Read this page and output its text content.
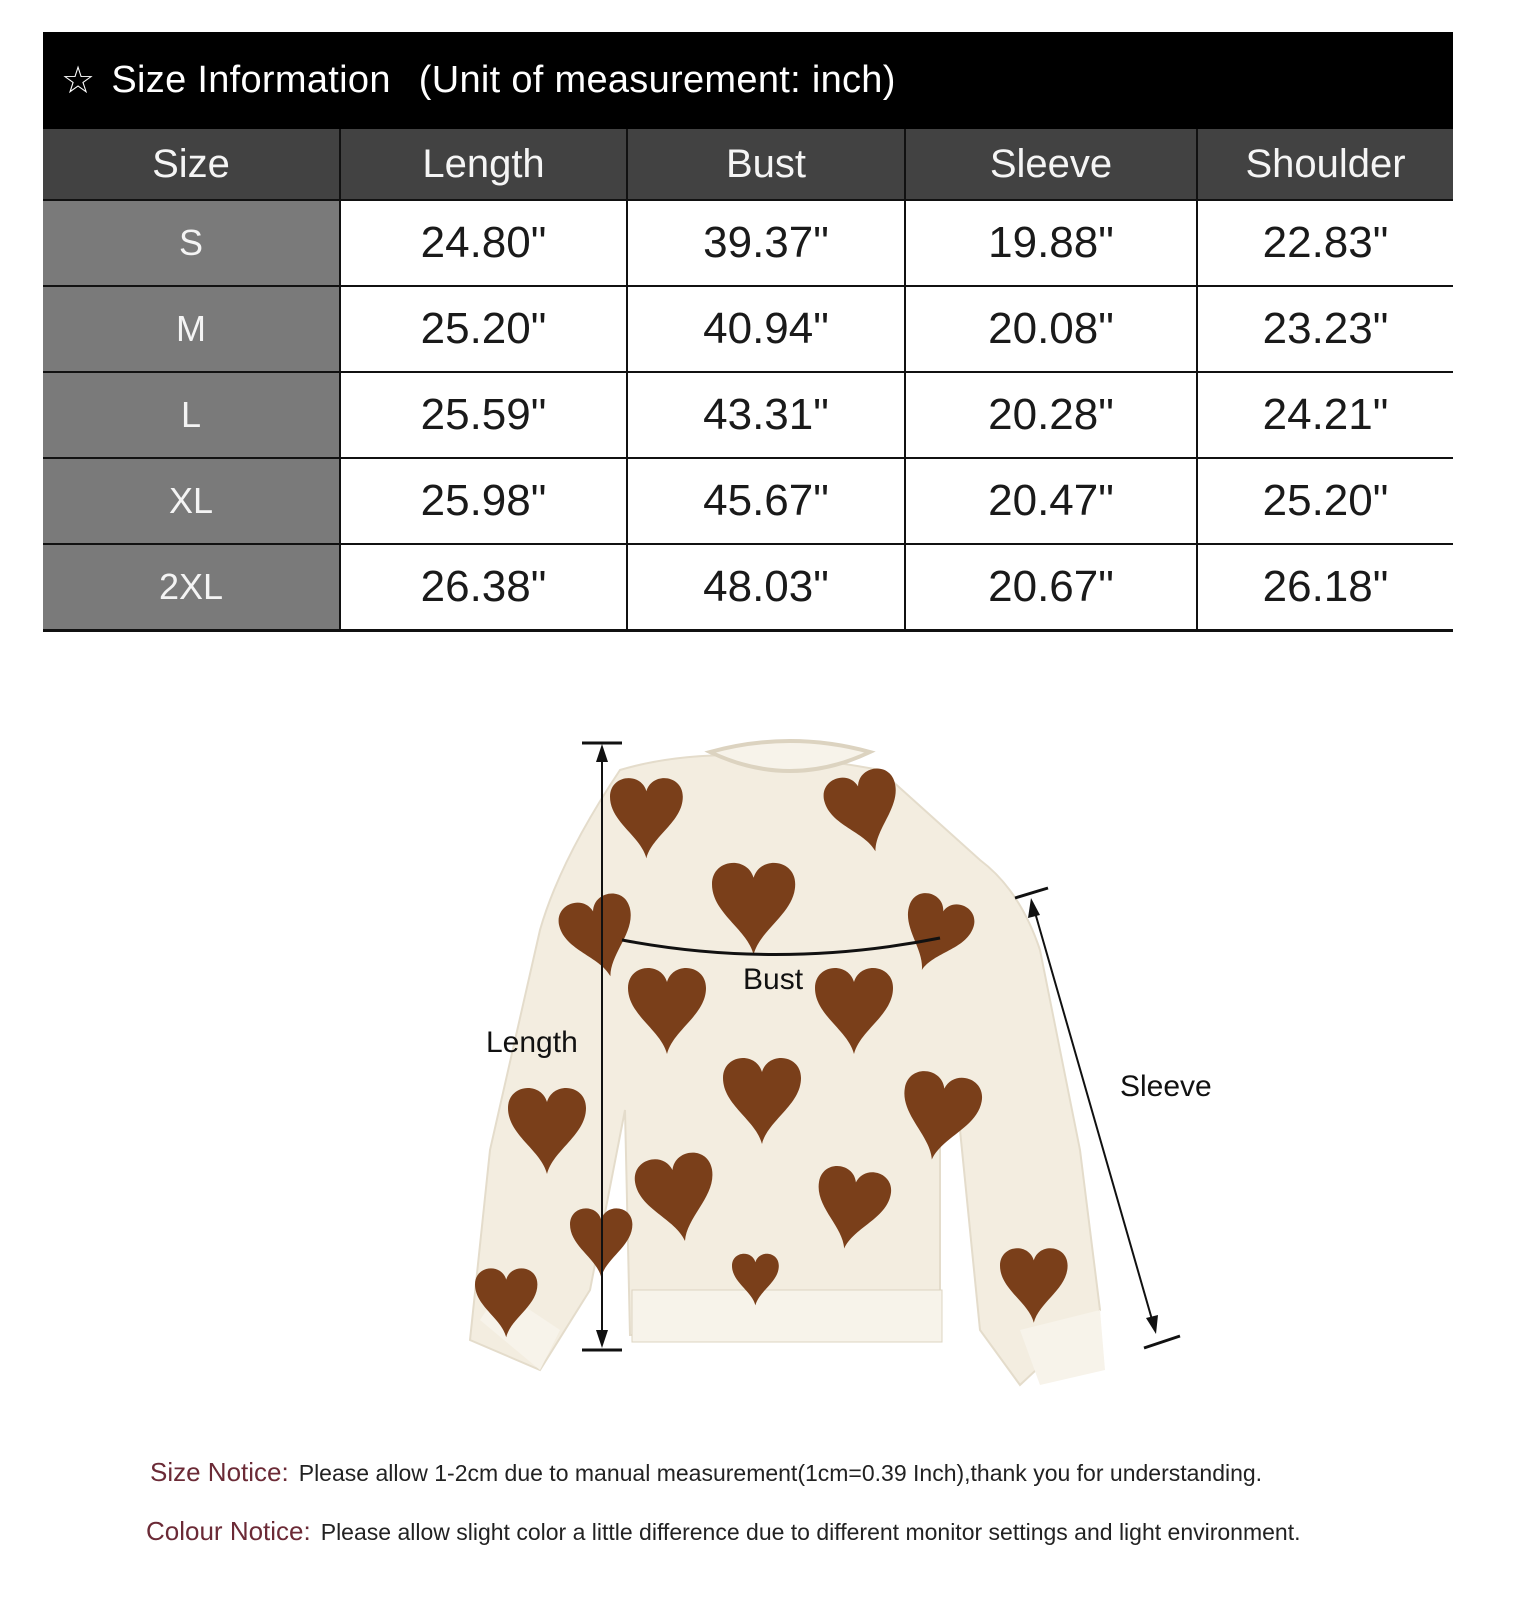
☆ Size Information (Unit of measurement: inch)
Size	Length	Bust	Sleeve	Shoulder
S	24.80"	39.37"	19.88"	22.83"
M	25.20"	40.94"	20.08"	23.23"
L	25.59"	43.31"	20.28"	24.21"
XL	25.98"	45.67"	20.47"	25.20"
2XL	26.38"	48.03"	20.67"	26.18"
Bust
Length
Sleeve
Size Notice: Please allow 1-2cm due to manual measurement(1cm=0.39 Inch),thank you for understanding.
Colour Notice: Please allow slight color a little difference due to different monitor settings and light environment.
